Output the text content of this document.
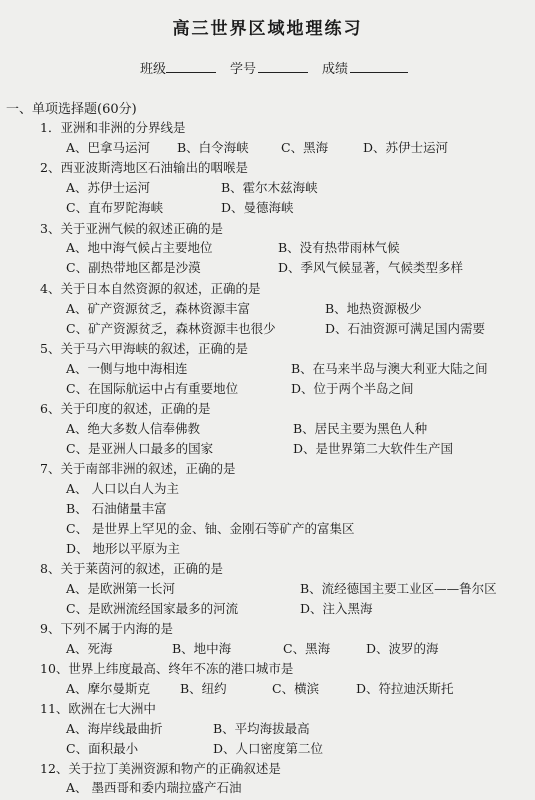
高三世界区域地理练习
班级	学号	成绩
一、单项选择题(60分)
1．亚洲和非洲的分界线是
A、巴拿马运河 B、白令海峡	C、黑海	D、苏伊士运河
2、西亚波斯湾地区石油输出的咽喉是
A、苏伊士运河	B、霍尔木兹海峡
C、直布罗陀海峡	D、曼德海峡
3、关于亚洲气候的叙述正确的是
A、地中海气候占主要地位	B、没有热带雨林气候
C、副热带地区都是沙漠	D、季风气候显著，气候类型多样
4、关于日本自然资源的叙述，正确的是
A、矿产资源贫乏，森林资源丰富	B、地热资源极少
C、矿产资源贫乏，森林资源丰也很少	D、石油资源可满足国内需要
5、关于马六甲海峡的叙述，正确的是
A、一侧与地中海相连	B、在马来半岛与澳大利亚大陆之间
C、在国际航运中占有重要地位	D、位于两个半岛之间
6、关于印度的叙述，正确的是
A、绝大多数人信奉佛教	B、居民主要为黑色人种
C、是亚洲人口最多的国家	D、是世界第二大软件生产国
7、关于南部非洲的叙述，正确的是
A、 人口以白人为主
B、 石油储量丰富
C、 是世界上罕见的金、铀、金刚石等矿产的富集区
D、 地形以平原为主
8、关于莱茵河的叙述，正确的是
A、是欧洲第一长河	B、流经德国主要工业区——鲁尔区
C、是欧洲流经国家最多的河流	D、注入黑海
9、下列不属于内海的是
A、死海	B、地中海	C、黑海	D、波罗的海
10、世界上纬度最高、终年不冻的港口城市是
A、摩尔曼斯克 B、纽约	C、横滨	D、符拉迪沃斯托
11、欧洲在七大洲中
A、海岸线最曲折	B、平均海拔最高
C、面积最小	D、人口密度第二位
12、关于拉丁美洲资源和物产的正确叙述是
A、 墨西哥和委内瑞拉盛产石油
